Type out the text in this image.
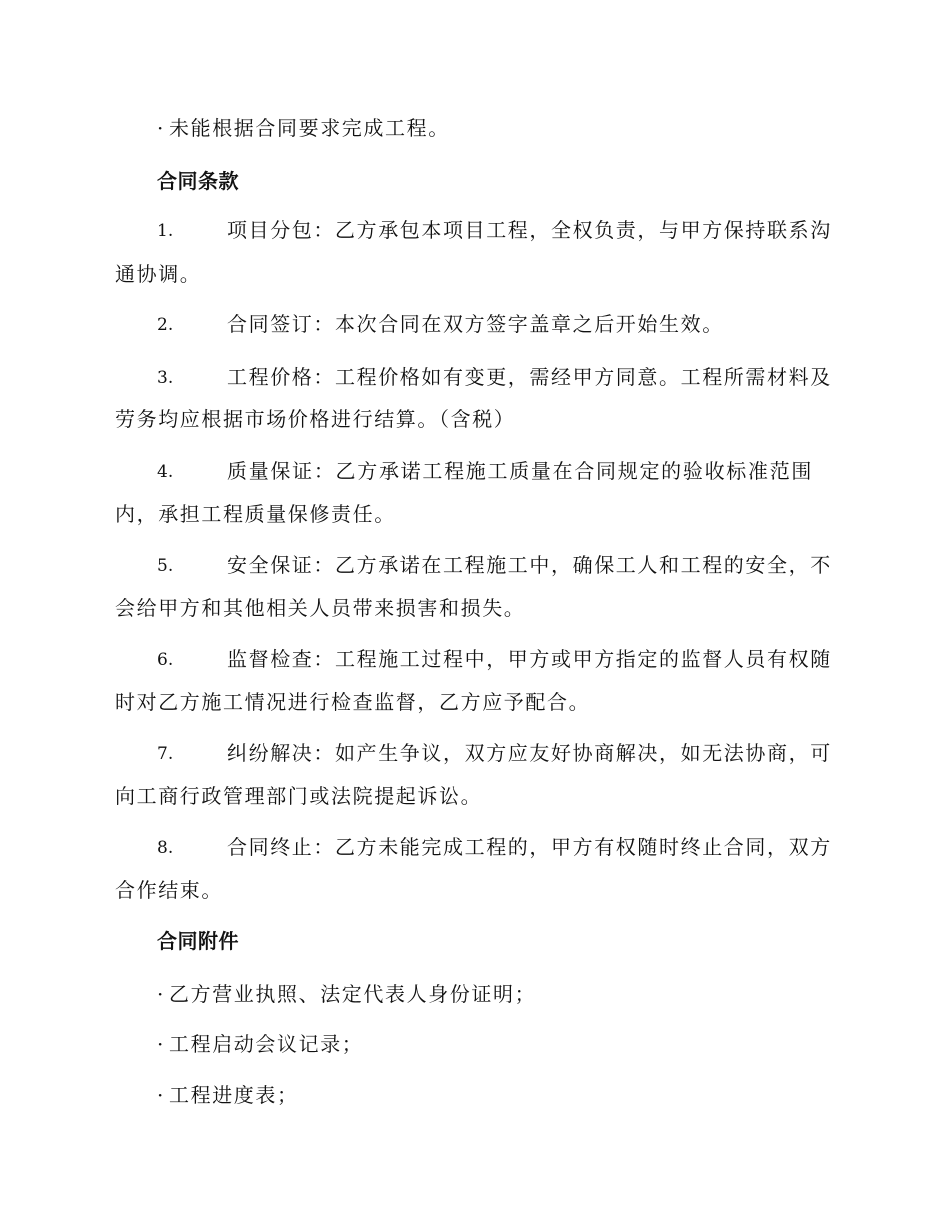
· 未能根据合同要求完成工程。
合同条款
1.	项目分包：乙方承包本项目工程，全权负责，与甲方保持联系沟
通协调。
2.	合同签订：本次合同在双方签字盖章之后开始生效。
3.	工程价格：工程价格如有变更，需经甲方同意。工程所需材料及
劳务均应根据市场价格进行结算。（含税）
4.	质量保证：乙方承诺工程施工质量在合同规定的验收标准范围
内，承担工程质量保修责任。
5.	安全保证：乙方承诺在工程施工中，确保工人和工程的安全，不
会给甲方和其他相关人员带来损害和损失。
6.	监督检查：工程施工过程中，甲方或甲方指定的监督人员有权随
时对乙方施工情况进行检查监督，乙方应予配合。
7.	纠纷解决：如产生争议，双方应友好协商解决，如无法协商，可
向工商行政管理部门或法院提起诉讼。
8.	合同终止：乙方未能完成工程的，甲方有权随时终止合同，双方
合作结束。
合同附件
· 乙方营业执照、法定代表人身份证明；
· 工程启动会议记录；
· 工程进度表；
